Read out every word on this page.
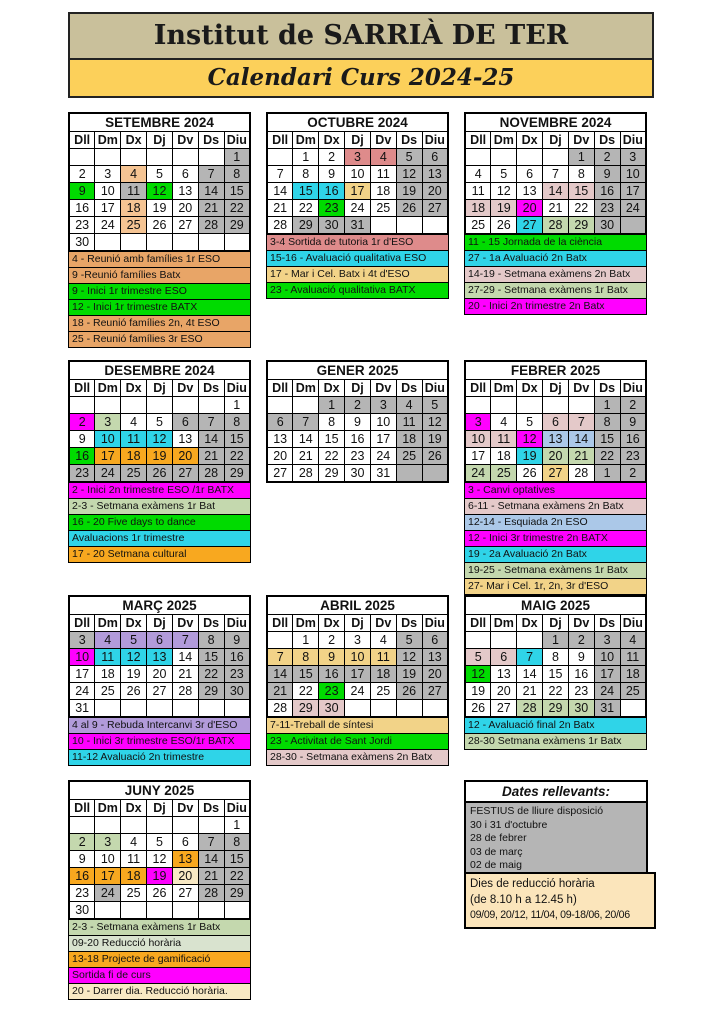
Institut de SARRIÀ DE TER
Calendari Curs 2024-25
SETEMBRE 2024						
Dll	Dm	Dx	Dj	Dv	Ds	Diu
						1
2	3	4	5	6	7	8
9	10	11	12	13	14	15
16	17	18	19	20	21	22
23	24	25	26	27	28	29
30						
4 - Reunió amb famílies 1r ESO
9 -Reunió famílies Batx
9 - Inici 1r trimestre ESO
12 - Inici 1r trimestre BATX
18 - Reunió famílies 2n, 4t ESO
25 - Reunió famílies 3r ESO
OCTUBRE 2024						
Dll	Dm	Dx	Dj	Dv	Ds	Diu
	1	2	3	4	5	6
7	8	9	10	11	12	13
14	15	16	17	18	19	20
21	22	23	24	25	26	27
28	29	30	31			
3-4 Sortida de tutoria 1r d'ESO
15-16 - Avaluació qualitativa ESO
17 - Mar i Cel. Batx i 4t d'ESO
23 - Avaluació qualitativa BATX
NOVEMBRE 2024						
Dll	Dm	Dx	Dj	Dv	Ds	Diu
				1	2	3
4	5	6	7	8	9	10
11	12	13	14	15	16	17
18	19	20	21	22	23	24
25	26	27	28	29	30	
11 - 15 Jornada de la ciència
27 - 1a Avaluació 2n Batx
14-19 - Setmana exàmens 2n Batx
27-29 - Setmana exàmens 1r Batx
20 - Inici 2n trimestre 2n Batx
DESEMBRE 2024						
Dll	Dm	Dx	Dj	Dv	Ds	Diu
						1
2	3	4	5	6	7	8
9	10	11	12	13	14	15
16	17	18	19	20	21	22
23	24	25	26	27	28	29
2 - Inici 2n trimestre ESO /1r BATX
2-3 - Setmana exàmens 1r Bat
16 - 20 Five days to dance
Avaluacions 1r trimestre
17 - 20 Setmana cultural
GENER 2025						
Dll	Dm	Dx	Dj	Dv	Ds	Diu
		1	2	3	4	5
6	7	8	9	10	11	12
13	14	15	16	17	18	19
20	21	22	23	24	25	26
27	28	29	30	31		
FEBRER 2025						
Dll	Dm	Dx	Dj	Dv	Ds	Diu
					1	2
3	4	5	6	7	8	9
10	11	12	13	14	15	16
17	18	19	20	21	22	23
24	25	26	27	28	1	2
3 - Canvi optatives
6-11 - Setmana exàmens 2n Batx
12-14 - Esquiada 2n ESO
12 - Inici 3r trimestre 2n BATX
19 - 2a Avaluació 2n Batx
19-25 - Setmana exàmens 1r Batx
27- Mar i Cel. 1r, 2n, 3r d'ESO
MARÇ 2025						
Dll	Dm	Dx	Dj	Dv	Ds	Diu
3	4	5	6	7	8	9
10	11	12	13	14	15	16
17	18	19	20	21	22	23
24	25	26	27	28	29	30
31						
4 al 9 - Rebuda Intercanvi 3r d'ESO
10 - Inici 3r trimestre ESO/1r BATX
11-12 Avaluació 2n trimestre
ABRIL 2025						
Dll	Dm	Dx	Dj	Dv	Ds	Diu
	1	2	3	4	5	6
7	8	9	10	11	12	13
14	15	16	17	18	19	20
21	22	23	24	25	26	27
28	29	30				
7-11-Treball de síntesi
23 - Activitat de Sant Jordi
28-30 - Setmana exàmens 2n Batx
MAIG 2025						
Dll	Dm	Dx	Dj	Dv	Ds	Diu
			1	2	3	4
5	6	7	8	9	10	11
12	13	14	15	16	17	18
19	20	21	22	23	24	25
26	27	28	29	30	31	
12 - Avaluació final 2n Batx
28-30 Setmana exàmens 1r Batx
JUNY 2025						
Dll	Dm	Dx	Dj	Dv	Ds	Diu
						1
2	3	4	5	6	7	8
9	10	11	12	13	14	15
16	17	18	19	20	21	22
23	24	25	26	27	28	29
30						
2-3 - Setmana exàmens 1r Batx
09-20 Reducció horària
13-18 Projecte de gamificació
Sortida fi de curs
20 - Darrer dia. Reducció horària.
Dates rellevants:
FESTIUS de lliure disposició
30 i 31 d'octubre
28 de febrer
03 de març
02 de maig
Dies de reducció horària
(de 8.10 h a 12.45 h)
09/09, 20/12, 11/04, 09-18/06, 20/06
